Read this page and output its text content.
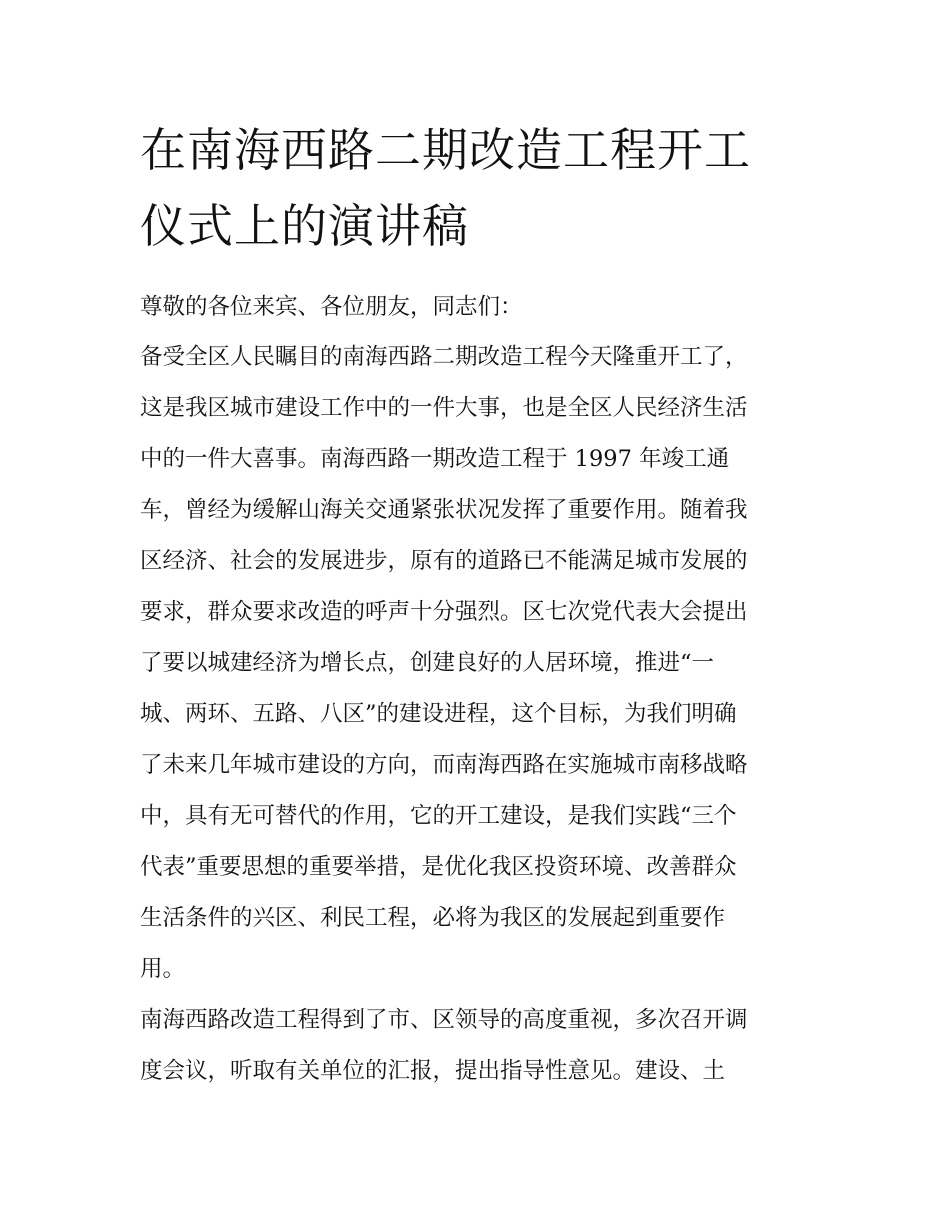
在南海西路二期改造工程开工
仪式上的演讲稿

尊敬的各位来宾、各位朋友，同志们：

备受全区人民瞩目的南海西路二期改造工程今天隆重开工了，
这是我区城市建设工作中的一件大事，也是全区人民经济生活
中的一件大喜事。南海西路一期改造工程于 1997 年竣工通
车，曾经为缓解山海关交通紧张状况发挥了重要作用。随着我
区经济、社会的发展进步，原有的道路已不能满足城市发展的
要求，群众要求改造的呼声十分强烈。区七次党代表大会提出
了要以城建经济为增长点，创建良好的人居环境，推进“一
城、两环、五路、八区”的建设进程，这个目标，为我们明确
了未来几年城市建设的方向，而南海西路在实施城市南移战略
中，具有无可替代的作用，它的开工建设，是我们实践“三个
代表”重要思想的重要举措，是优化我区投资环境、改善群众
生活条件的兴区、利民工程，必将为我区的发展起到重要作
用。

南海西路改造工程得到了市、区领导的高度重视，多次召开调
度会议，听取有关单位的汇报，提出指导性意见。建设、土
